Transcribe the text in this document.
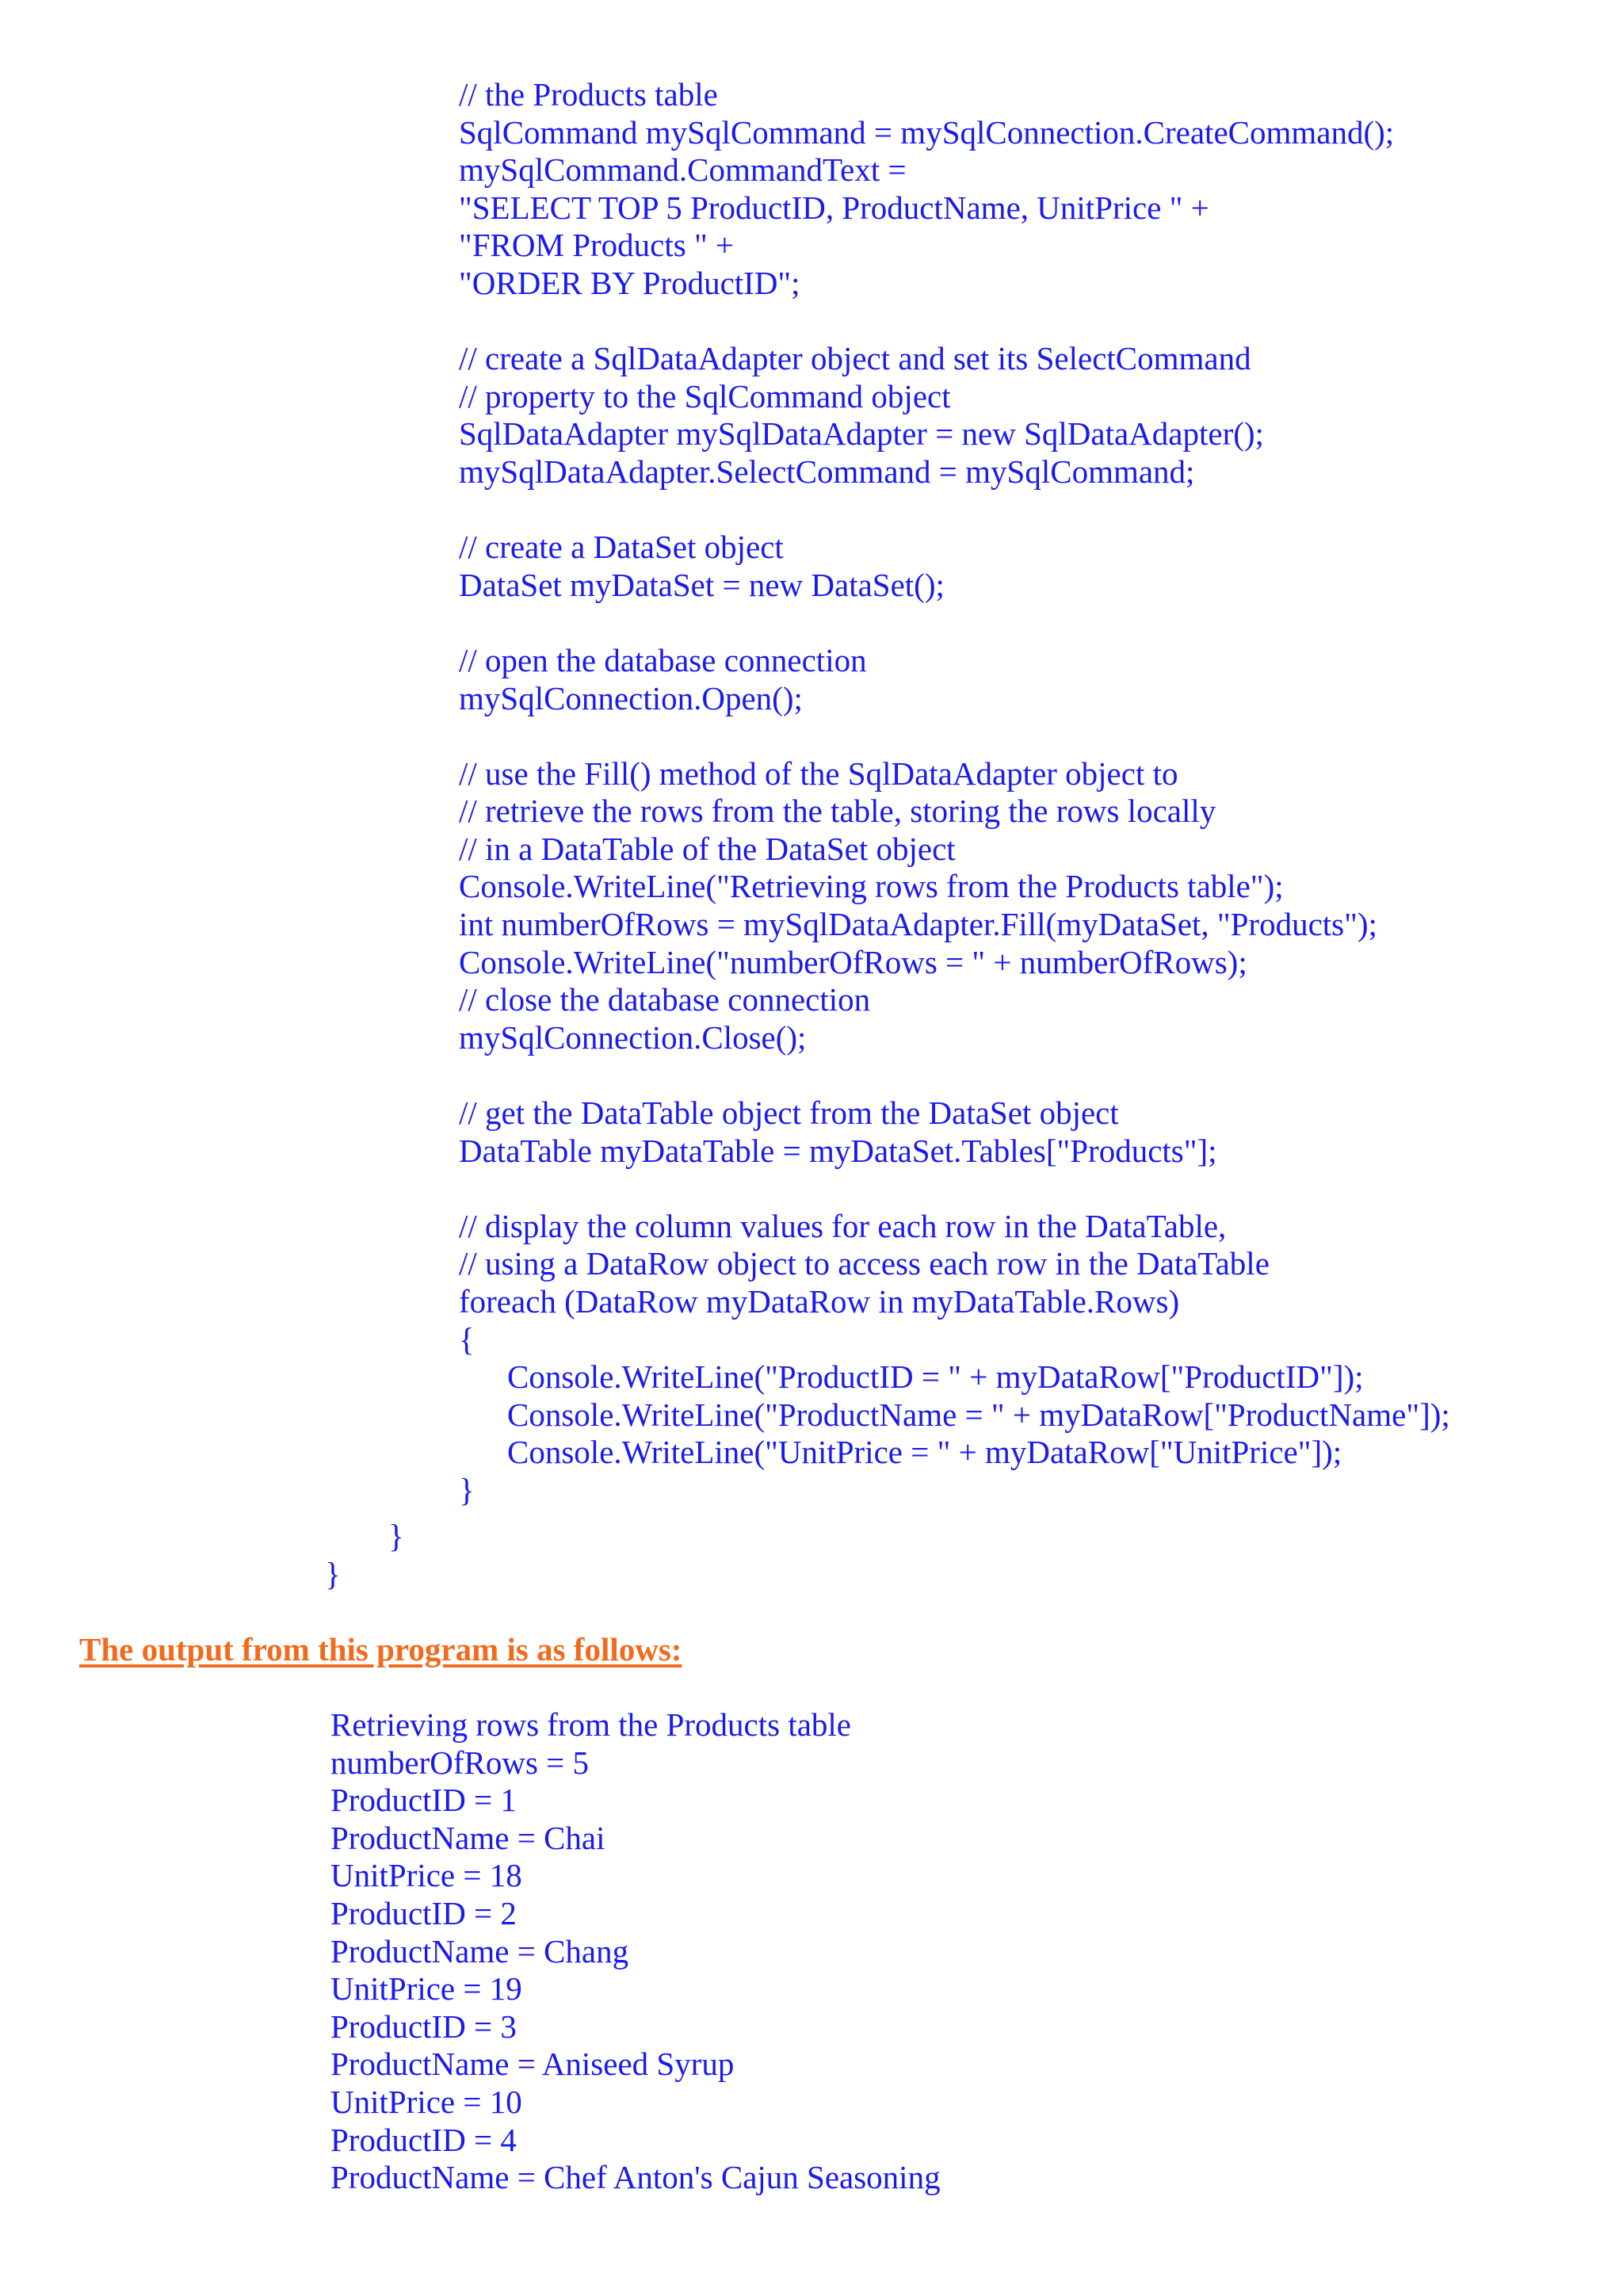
// the Products table
SqlCommand mySqlCommand = mySqlConnection.CreateCommand();
mySqlCommand.CommandText =
"SELECT TOP 5 ProductID, ProductName, UnitPrice " +
"FROM Products " +
"ORDER BY ProductID";
// create a SqlDataAdapter object and set its SelectCommand
// property to the SqlCommand object
SqlDataAdapter mySqlDataAdapter = new SqlDataAdapter();
mySqlDataAdapter.SelectCommand = mySqlCommand;
// create a DataSet object
DataSet myDataSet = new DataSet();
// open the database connection
mySqlConnection.Open();
// use the Fill() method of the SqlDataAdapter object to
// retrieve the rows from the table, storing the rows locally
// in a DataTable of the DataSet object
Console.WriteLine("Retrieving rows from the Products table");
int numberOfRows = mySqlDataAdapter.Fill(myDataSet, "Products");
Console.WriteLine("numberOfRows = " + numberOfRows);
// close the database connection
mySqlConnection.Close();
// get the DataTable object from the DataSet object
DataTable myDataTable = myDataSet.Tables["Products"];
// display the column values for each row in the DataTable,
// using a DataRow object to access each row in the DataTable
foreach (DataRow myDataRow in myDataTable.Rows)
{
Console.WriteLine("ProductID = " + myDataRow["ProductID"]);
Console.WriteLine("ProductName = " + myDataRow["ProductName"]);
Console.WriteLine("UnitPrice = " + myDataRow["UnitPrice"]);
}
}
}
The output from this program is as follows:
Retrieving rows from the Products table
numberOfRows = 5
ProductID = 1
ProductName = Chai
UnitPrice = 18
ProductID = 2
ProductName = Chang
UnitPrice = 19
ProductID = 3
ProductName = Aniseed Syrup
UnitPrice = 10
ProductID = 4
ProductName = Chef Anton's Cajun Seasoning
